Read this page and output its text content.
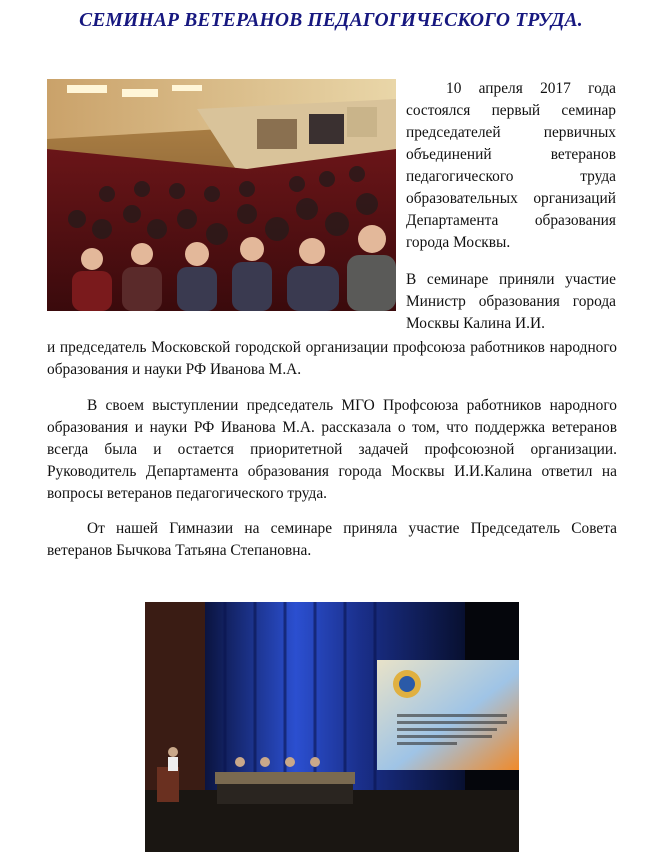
СЕМИНАР ВЕТЕРАНОВ ПЕДАГОГИЧЕСКОГО ТРУДА.

10 апреля 2017 года состоялся первый семинар председателей первичных объединений ветеранов педагогического труда образовательных организаций Департамента образования города Москвы.

В семинаре приняли участие Министр образования города Москвы Калина И.И.

и председатель Московской городской организации профсоюза работников народного образования и науки РФ Иванова М.А.

В своем выступлении председатель МГО Профсоюза работников народного образования и науки РФ Иванова М.А. рассказала о том, что поддержка ветеранов всегда была и остается приоритетной задачей профсоюзной организации. Руководитель Департамента образования города Москвы И.И.Калина ответил на вопросы ветеранов педагогического труда.

От нашей Гимназии на семинаре приняла участие Председатель Совета ветеранов Бычкова Татьяна Степановна.
